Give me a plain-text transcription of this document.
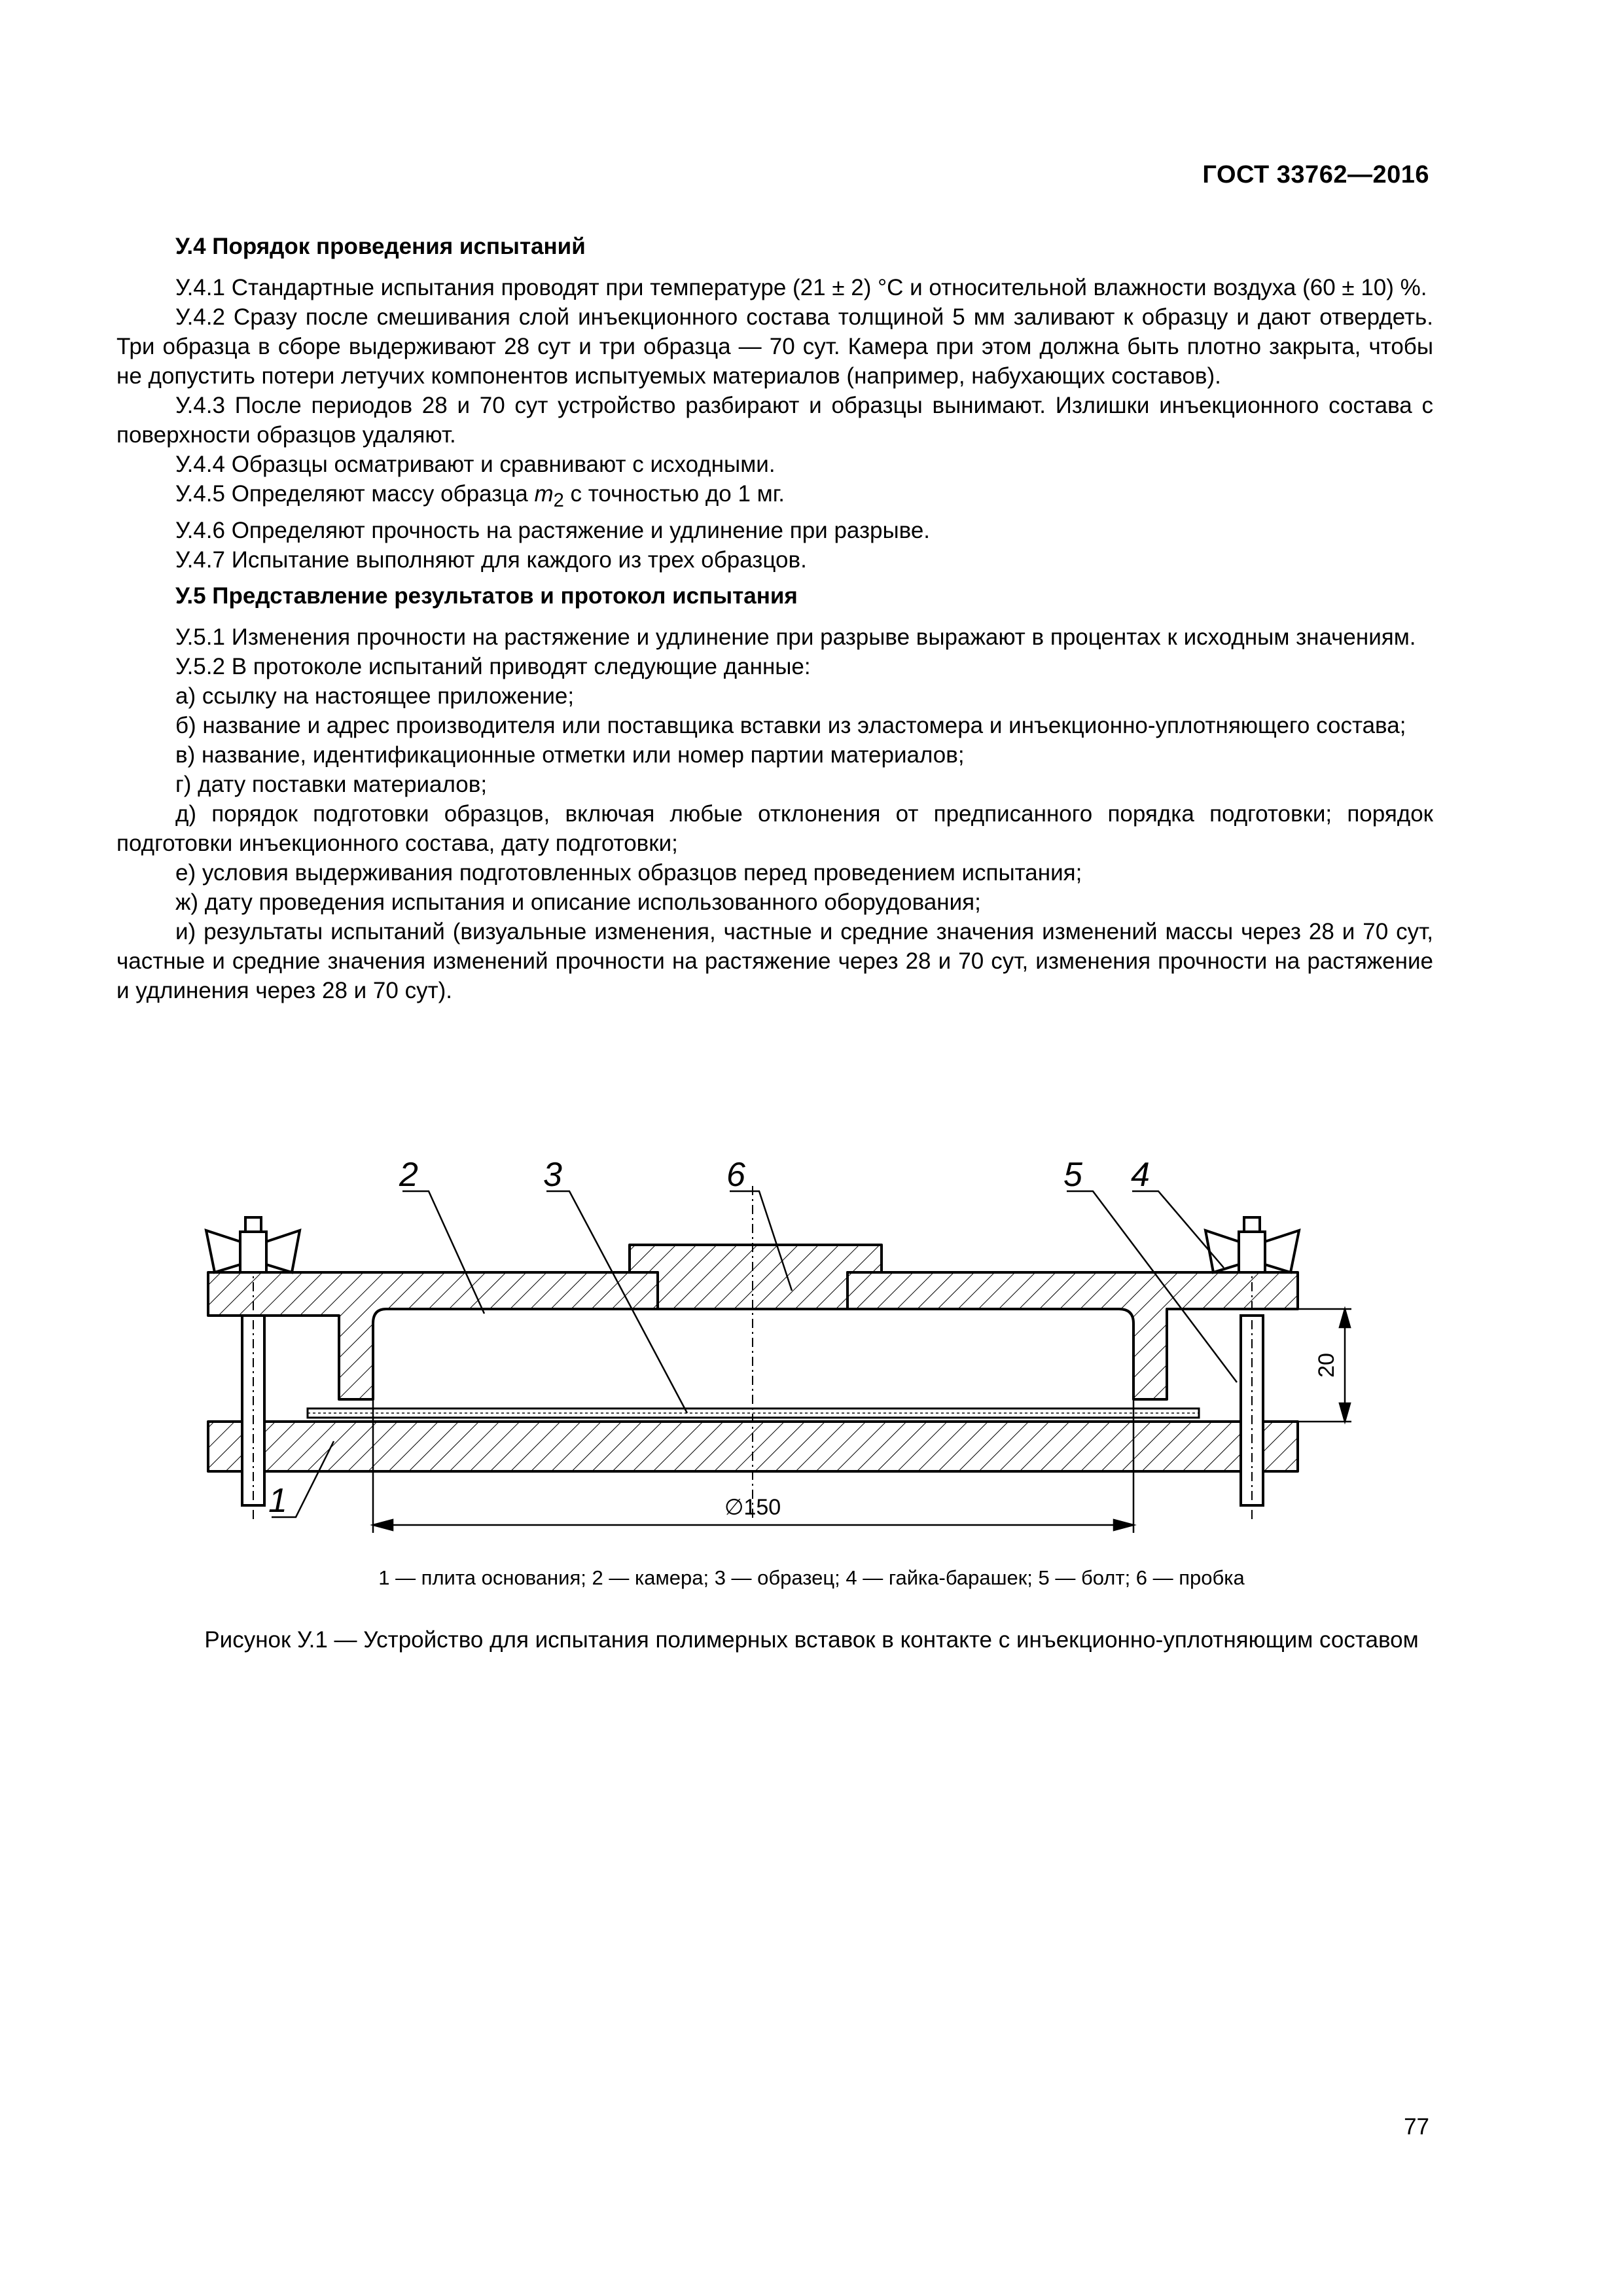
ГОСТ 33762—2016
У.4 Порядок проведения испытаний

У.4.1 Стандартные испытания проводят при температуре (21 ± 2) °С и относительной влажности воздуха (60 ± 10) %.

У.4.2 Сразу после смешивания слой инъекционного состава толщиной 5 мм заливают к образцу и дают отвердеть. Три образца в сборе выдерживают 28 сут и три образца — 70 сут. Камера при этом должна быть плотно закрыта, чтобы не допустить потери летучих компонентов испытуемых материалов (например, набухающих составов).

У.4.3 После периодов 28 и 70 сут устройство разбирают и образцы вынимают. Излишки инъекционного состава с поверхности образцов удаляют.

У.4.4 Образцы осматривают и сравнивают с исходными.

У.4.5 Определяют массу образца $m_2$ с точностью до 1 мг.

У.4.6 Определяют прочность на растяжение и удлинение при разрыве.

У.4.7 Испытание выполняют для каждого из трех образцов.

У.5 Представление результатов и протокол испытания

У.5.1 Изменения прочности на растяжение и удлинение при разрыве выражают в процентах к исходным значениям.

У.5.2 В протоколе испытаний приводят следующие данные:

а) ссылку на настоящее приложение;

б) название и адрес производителя или поставщика вставки из эластомера и инъекционно-уплотняющего состава;

в) название, идентификационные отметки или номер партии материалов;

г) дату поставки материалов;

д) порядок подготовки образцов, включая любые отклонения от предписанного порядка подготовки; порядок подготовки инъекционного состава, дату подготовки;

е) условия выдерживания подготовленных образцов перед проведением испытания;

ж) дату проведения испытания и описание использованного оборудования;

и) результаты испытаний (визуальные изменения, частные и средние значения изменений массы через 28 и 70 сут, частные и средние значения изменений прочности на растяжение через 28 и 70 сут, изменения прочности на растяжение и удлинения через 28 и 70 сут).

1
2	3	4
5
6
∅150
20
1 — плита основания; 2 — камера; 3 — образец; 4 — гайка-барашек; 5 — болт; 6 — пробка
Рисунок У.1 — Устройство для испытания полимерных вставок в контакте с инъекционно-уплотняющим составом
77
